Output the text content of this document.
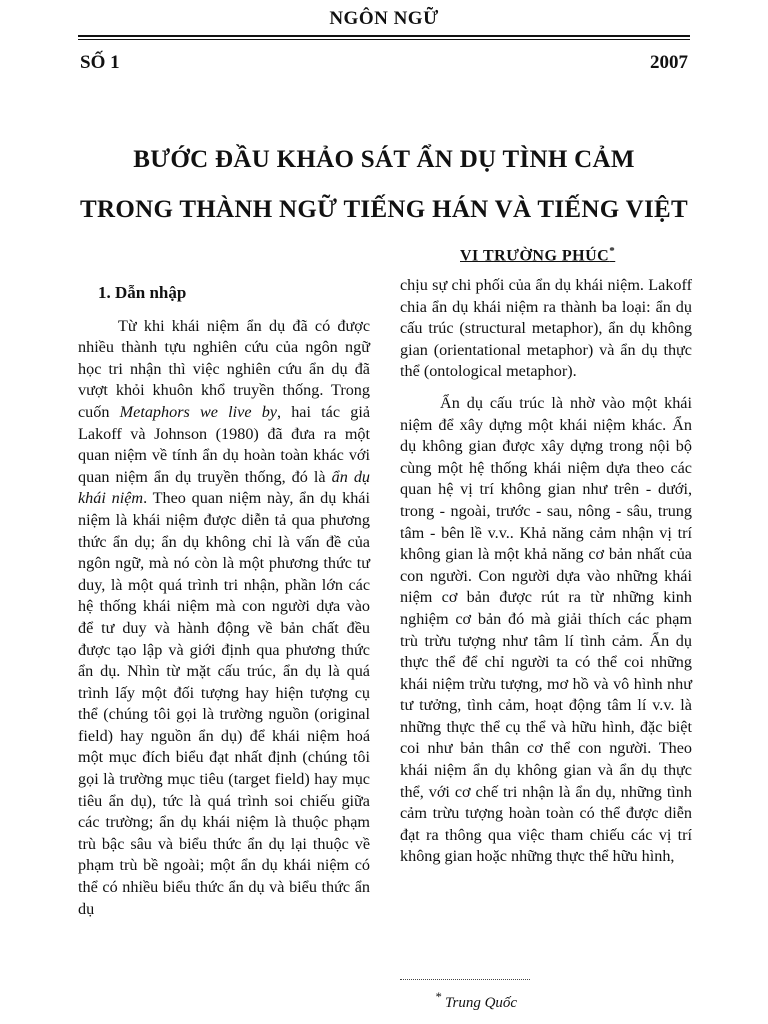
NGÔN NGỮ
SỐ 1	2007
BƯỚC ĐẦU KHẢO SÁT ẨN DỤ TÌNH CẢM
TRONG THÀNH NGỮ TIẾNG HÁN VÀ TIẾNG VIỆT
VI TRƯỜNG PHÚC*
1. Dẫn nhập

Từ khi khái niệm ẩn dụ đã có được nhiều thành tựu nghiên cứu của ngôn ngữ học tri nhận thì việc nghiên cứu ẩn dụ đã vượt khỏi khuôn khổ truyền thống. Trong cuốn Metaphors we live by, hai tác giả Lakoff và Johnson (1980) đã đưa ra một quan niệm về tính ẩn dụ hoàn toàn khác với quan niệm ẩn dụ truyền thống, đó là ẩn dụ khái niệm. Theo quan niệm này, ẩn dụ khái niệm là khái niệm được diễn tả qua phương thức ẩn dụ; ẩn dụ không chỉ là vấn đề của ngôn ngữ, mà nó còn là một phương thức tư duy, là một quá trình tri nhận, phần lớn các hệ thống khái niệm mà con người dựa vào để tư duy và hành động về bản chất đều được tạo lập và giới định qua phương thức ẩn dụ. Nhìn từ mặt cấu trúc, ẩn dụ là quá trình lấy một đối tượng hay hiện tượng cụ thể (chúng tôi gọi là trường nguồn (original field) hay nguồn ẩn dụ) để khái niệm hoá một mục đích biểu đạt nhất định (chúng tôi gọi là trường mục tiêu (target field) hay mục tiêu ẩn dụ), tức là quá trình soi chiếu giữa các trường; ẩn dụ khái niệm là thuộc phạm trù bậc sâu và biểu thức ẩn dụ lại thuộc về phạm trù bề ngoài; một ẩn dụ khái niệm có thể có nhiều biểu thức ẩn dụ và biểu thức ẩn dụ

chịu sự chi phối của ẩn dụ khái niệm. Lakoff chia ẩn dụ khái niệm ra thành ba loại: ẩn dụ cấu trúc (structural metaphor), ẩn dụ không gian (orientational metaphor) và ẩn dụ thực thể (ontological metaphor).

Ẩn dụ cấu trúc là nhờ vào một khái niệm để xây dựng một khái niệm khác. Ẩn dụ không gian được xây dựng trong nội bộ cùng một hệ thống khái niệm dựa theo các quan hệ vị trí không gian như trên - dưới, trong - ngoài, trước - sau, nông - sâu, trung tâm - bên lề v.v.. Khả năng cảm nhận vị trí không gian là một khả năng cơ bản nhất của con người. Con người dựa vào những khái niệm cơ bản được rút ra từ những kinh nghiệm cơ bản đó mà giải thích các phạm trù trừu tượng như tâm lí tình cảm. Ẩn dụ thực thể để chỉ người ta có thể coi những khái niệm trừu tượng, mơ hồ và vô hình như tư tưởng, tình cảm, hoạt động tâm lí v.v. là những thực thể cụ thể và hữu hình, đặc biệt coi như bản thân cơ thể con người. Theo khái niệm ẩn dụ không gian và ẩn dụ thực thể, với cơ chế tri nhận là ẩn dụ, những tình cảm trừu tượng hoàn toàn có thể được diễn đạt ra thông qua việc tham chiếu các vị trí không gian hoặc những thực thể hữu hình,

* Trung Quốc
